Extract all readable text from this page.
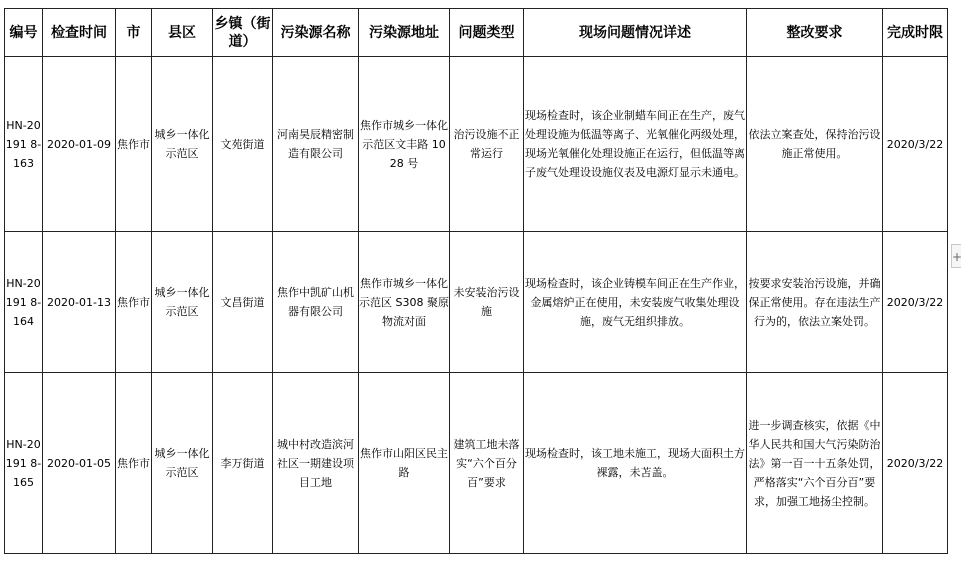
编号	检查时间	市	县区	乡镇（街道）	污染源名称	污染源地址	问题类型	现场问题情况详述	整改要求	完成时限
HN-20191 8-163	2020-01-09	焦作市	城乡一体化示范区	文苑街道	河南昊辰精密制造有限公司	焦作市城乡一体化示范区文丰路 1028 号	治污设施不正常运行	现场检查时，该企业制蜡车间正在生产，废气处理设施为低温等离子、光氧催化两级处理，现场光氧催化处理设施正在运行，但低温等离子废气处理设设施仪表及电源灯显示未通电。	依法立案查处，保持治污设施正常使用。	2020/3/22
HN-20191 8-164	2020-01-13	焦作市	城乡一体化示范区	文昌街道	焦作中凯矿山机器有限公司	焦作市城乡一体化示范区 S308 聚原物流对面	未安装治污设施	现场检查时，该企业铸模车间正在生产作业，金属熔炉正在使用，未安装废气收集处理设施，废气无组织排放。	按要求安装治污设施，并确保正常使用。存在违法生产行为的，依法立案处罚。	2020/3/22
HN-20191 8-165	2020-01-05	焦作市	城乡一体化示范区	李万街道	城中村改造滨河社区一期建设项目工地	焦作市山阳区民主路	建筑工地未落实“六个百分百”要求	现场检查时，该工地未施工，现场大面积土方裸露，未苫盖。	进一步调查核实，依据《中华人民共和国大气污染防治法》第一百一十五条处罚，严格落实“六个百分百”要求，加强工地扬尘控制。	2020/3/22
+
